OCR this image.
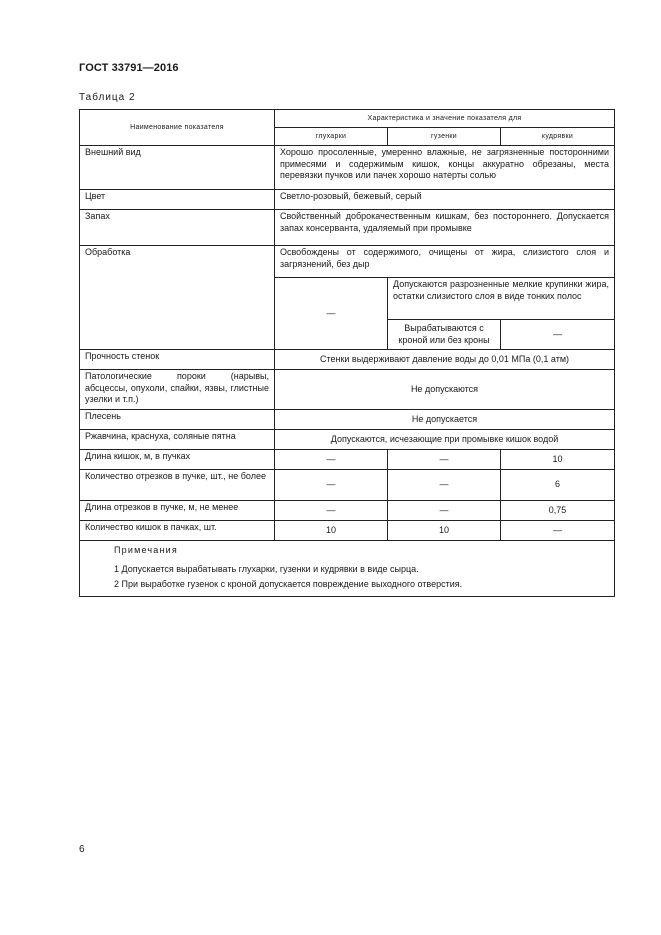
ГОСТ 33791—2016
Таблица 2
Наименование показателя	Характеристика и значение показателя для		
	глухарки	гузенки	кудрявки
Внешний вид	Хорошо просоленные, умеренно влажные, не загрязненные посторонними примесями и содержимым кишок, концы аккуратно обрезаны, места перевязки пучков или пачек хорошо натерты солью		
Цвет	Светло-розовый, бежевый, серый		
Запах	Свойственный доброкачественным кишкам, без постороннего. Допускается запах консерванта, удаляемый при промывке		
Обработка	Освобождены от содержимого, очищены от жира, слизистого слоя и загрязнений, без дыр		
	—	Допускаются разрозненные мелкие крупинки жира, остатки слизистого слоя в виде тонких полос	
		Вырабатываются с кроной или без кроны	—
Прочность стенок	Стенки выдерживают давление воды до 0,01 МПа (0,1 атм)		
Патологические пороки (нарывы, абсцессы, опухоли, спайки, язвы, глистные узелки и т.п.)	Не допускаются		
Плесень	Не допускается		
Ржавчина, краснуха, соляные пятна	Допускаются, исчезающие при промывке кишок водой		
Длина кишок, м, в пучках	—	—	10
Количество отрезков в пучке, шт., не более	—	—	6
Длина отрезков в пучке, м, не менее	—	—	0,75
Количество кишок в пачках, шт.	10	10	—

Примечания
1 Допускается вырабатывать глухарки, гузенки и кудрявки в виде сырца.
2 При выработке гузенок с кроной допускается повреждение выходного отверстия.			
6
